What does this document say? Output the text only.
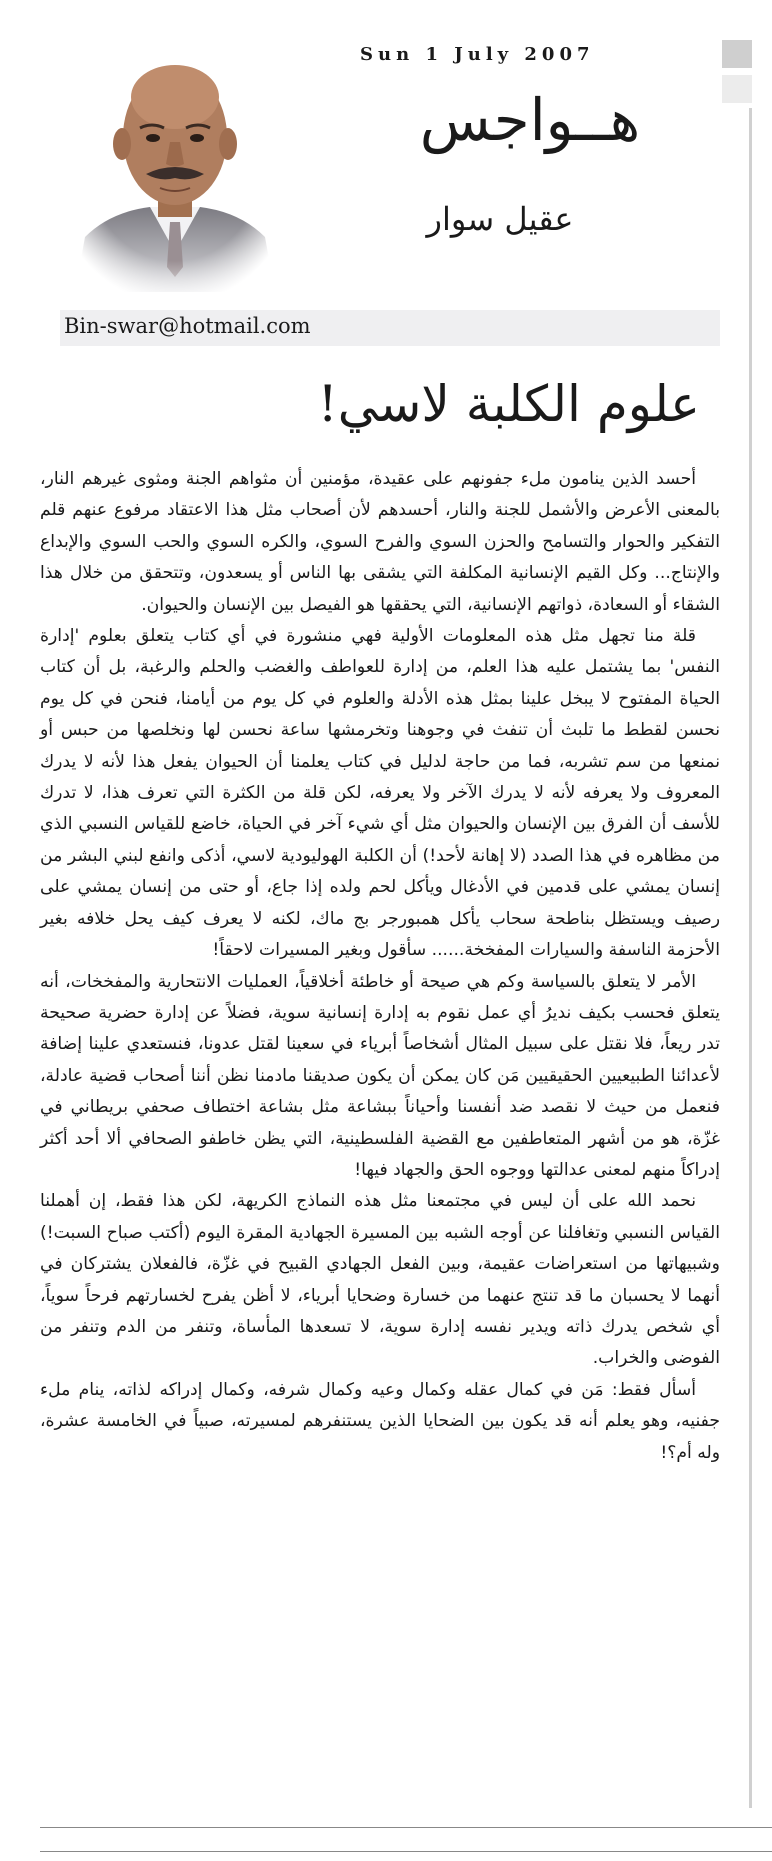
Sun 1 July 2007
هــواجس
عقيل سوار
Bin-swar@hotmail.com
علوم الكلبة لاسي!

أحسد الذين ينامون ملء جفونهم على عقيدة، مؤمنين أن مثواهم الجنة ومثوى غيرهم النار، بالمعنى الأعرض والأشمل للجنة والنار، أحسدهم لأن أصحاب مثل هذا الاعتقاد مرفوع عنهم قلم التفكير والحوار والتسامح والحزن السوي والفرح السوي، والكره السوي والحب السوي والإبداع والإنتاج... وكل القيم الإنسانية المكلفة التي يشقى بها الناس أو يسعدون، وتتحقق من خلال هذا الشقاء أو السعادة، ذواتهم الإنسانية، التي يحققها هو الفيصل بين الإنسان والحيوان.

قلة منا تجهل مثل هذه المعلومات الأولية فهي منشورة في أي كتاب يتعلق بعلوم 'إدارة النفس' بما يشتمل عليه هذا العلم، من إدارة للعواطف والغضب والحلم والرغبة، بل أن كتاب الحياة المفتوح لا يبخل علينا بمثل هذه الأدلة والعلوم في كل يوم من أيامنا، فنحن في كل يوم نحسن لقطط ما تلبث أن تنفث في وجوهنا وتخرمشها ساعة نحسن لها ونخلصها من حبس أو نمنعها من سم تشربه، فما من حاجة لدليل في كتاب يعلمنا أن الحيوان يفعل هذا لأنه لا يدرك المعروف ولا يعرفه لأنه لا يدرك الآخر ولا يعرفه، لكن قلة من الكثرة التي تعرف هذا، لا تدرك للأسف أن الفرق بين الإنسان والحيوان مثل أي شيء آخر في الحياة، خاضع للقياس النسبي الذي من مظاهره في هذا الصدد (لا إهانة لأحد!) أن الكلبة الهوليودية لاسي، أذكى وانفع لبني البشر من إنسان يمشي على قدمين في الأدغال ويأكل لحم ولده إذا جاع، أو حتى من إنسان يمشي على رصيف ويستظل بناطحة سحاب يأكل همبورجر بج ماك، لكنه لا يعرف كيف يحل خلافه بغير الأحزمة الناسفة والسيارات المفخخة...... سأقول وبغير المسيرات لاحقاً!

الأمر لا يتعلق بالسياسة وكم هي صيحة أو خاطئة أخلاقياً، العمليات الانتحارية والمفخخات، أنه يتعلق فحسب بكيف نديرُ أي عمل نقوم به إدارة إنسانية سوية، فضلاً عن إدارة حضرية صحيحة تدر ريعاً، فلا نقتل على سبيل المثال أشخاصاً أبرياء في سعينا لقتل عدونا، فنستعدي علينا إضافة لأعدائنا الطبيعيين الحقيقيين مَن كان يمكن أن يكون صديقنا مادمنا نظن أننا أصحاب قضية عادلة، فنعمل من حيث لا نقصد ضد أنفسنا وأحياناً ببشاعة مثل بشاعة اختطاف صحفي بريطاني في غزّة، هو من أشهر المتعاطفين مع القضية الفلسطينية، التي يظن خاطفو الصحافي ألا أحد أكثر إدراكاً منهم لمعنى عدالتها ووجوه الحق والجهاد فيها!

نحمد الله على أن ليس في مجتمعنا مثل هذه النماذج الكريهة، لكن هذا فقط، إن أهملنا القياس النسبي وتغافلنا عن أوجه الشبه بين المسيرة الجهادية المقرة اليوم (أكتب صباح السبت!) وشبيهاتها من استعراضات عقيمة، وبين الفعل الجهادي القبيح في غزّة، فالفعلان يشتركان في أنهما لا يحسبان ما قد تنتج عنهما من خسارة وضحايا أبرياء، لا أظن يفرح لخسارتهم فرحاً سوياً، أي شخص يدرك ذاته ويدير نفسه إدارة سوية، لا تسعدها المأساة، وتنفر من الدم وتنفر من الفوضى والخراب.

أسأل فقط: مَن في كمال عقله وكمال وعيه وكمال شرفه، وكمال إدراكه لذاته، ينام ملء جفنيه، وهو يعلم أنه قد يكون بين الضحايا الذين يستنفرهم لمسيرته، صبياً في الخامسة عشرة، وله أم؟!
